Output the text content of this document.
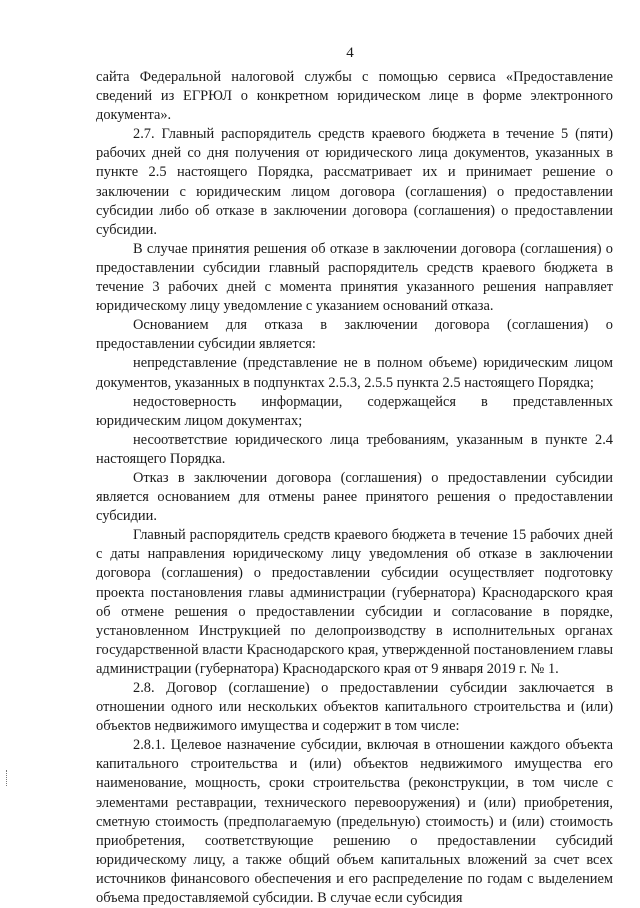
4

сайта Федеральной налоговой службы с помощью сервиса «Предоставление сведений из ЕГРЮЛ о конкретном юридическом лице в форме электронного документа».

2.7. Главный распорядитель средств краевого бюджета в течение 5 (пяти) рабочих дней со дня получения от юридического лица документов, указанных в пункте 2.5 настоящего Порядка, рассматривает их и принимает решение о заключении с юридическим лицом договора (соглашения) о предоставлении субсидии либо об отказе в заключении договора (соглашения) о предоставлении субсидии.

В случае принятия решения об отказе в заключении договора (соглашения) о предоставлении субсидии главный распорядитель средств краевого бюджета в течение 3 рабочих дней с момента принятия указанного решения направляет юридическому лицу уведомление с указанием оснований отказа.

Основанием для отказа в заключении договора (соглашения) о предоставлении субсидии является:

непредставление (представление не в полном объеме) юридическим лицом документов, указанных в подпунктах 2.5.3, 2.5.5 пункта 2.5 настоящего Порядка;

недостоверность информации, содержащейся в представленных юридическим лицом документах;

несоответствие юридического лица требованиям, указанным в пункте 2.4 настоящего Порядка.

Отказ в заключении договора (соглашения) о предоставлении субсидии является основанием для отмены ранее принятого решения о предоставлении субсидии.

Главный распорядитель средств краевого бюджета в течение 15 рабочих дней с даты направления юридическому лицу уведомления об отказе в заключении договора (соглашения) о предоставлении субсидии осуществляет подготовку проекта постановления главы администрации (губернатора) Краснодарского края об отмене решения о предоставлении субсидии и согласование в порядке, установленном Инструкцией по делопроизводству в исполнительных органах государственной власти Краснодарского края, утвержденной постановлением главы администрации (губернатора) Краснодарского края от 9 января 2019 г. № 1.

2.8. Договор (соглашение) о предоставлении субсидии заключается в отношении одного или нескольких объектов капитального строительства и (или) объектов недвижимого имущества и содержит в том числе:

2.8.1. Целевое назначение субсидии, включая в отношении каждого объекта капитального строительства и (или) объектов недвижимого имущества его наименование, мощность, сроки строительства (реконструкции, в том числе с элементами реставрации, технического перевооружения) и (или) приобретения, сметную стоимость (предполагаемую (предельную) стоимость) и (или) стоимость приобретения, соответствующие решению о предоставлении субсидий юридическому лицу, а также общий объем капитальных вложений за счет всех источников финансового обеспечения и его распределение по годам с выделением объема предоставляемой субсидии. В случае если субсидия
